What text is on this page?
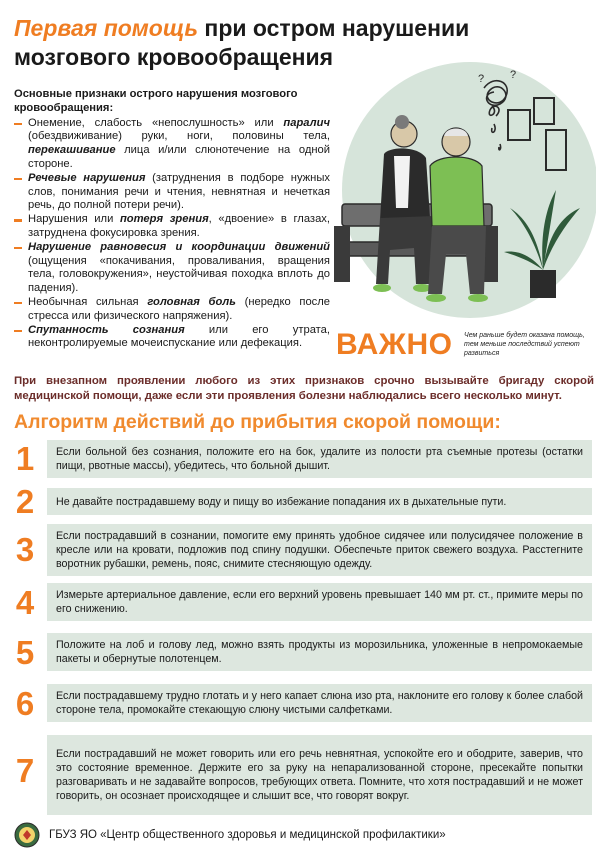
Первая помощь при остром нарушении
мозгового кровообращения
? ?
Основные признаки острого нарушения мозгового кровообращения:
Онемение, слабость «непослушность» или паралич (обездвиживание) руки, ноги, половины тела, перекашивание лица и/или слюнотечение на одной стороне.
Речевые нарушения (затруднения в подборе нужных слов, понимания речи и чтения, невнятная и нечеткая речь, до полной потери речи).
Нарушения или потеря зрения, «двоение» в глазах, затруднена фокусировка зрения.
Нарушение равновесия и координации движений (ощущения «покачивания, проваливания, вращения тела, головокружения», неустойчивая походка вплоть до падения).
Необычная сильная головная боль (нередко после стресса или физического напряжения).
Спутанность сознания или его утрата, неконтролируемые мочеиспускание или дефекация.	ВАЖНО Чем раньше будет оказана помощь, тем меньше последствий успеют развиться
При внезапном проявлении любого из этих признаков срочно вызывайте бригаду скорой медицинской помощи, даже если эти проявления болезни наблюдались всего несколько минут.
Алгоритм действий до прибытия скорой помощи:
1	Если больной без сознания, положите его на бок, удалите из полости рта съемные протезы (остатки пищи, рвотные массы), убедитесь, что больной дышит.
2	Не давайте пострадавшему воду и пищу во избежание попадания их в дыхательные пути.
3	Если пострадавший в сознании, помогите ему принять удобное сидячее или полусидячее положение в кресле или на кровати, подложив под спину подушки. Обеспечьте приток свежего воздуха. Расстегните воротник рубашки, ремень, пояс, снимите стесняющую одежду.
4	Измерьте артериальное давление, если его верхний уровень превышает 140 мм рт. ст., примите меры по его снижению.
5	Положите на лоб и голову лед, можно взять продукты из морозильника, уложенные в непромокаемые пакеты и обернутые полотенцем.
6	Если пострадавшему трудно глотать и у него капает слюна изо рта, наклоните его голову к более слабой стороне тела, промокайте стекающую слюну чистыми салфетками.
7	Если пострадавший не может говорить или его речь невнятная, успокойте его и ободрите, заверив, что это состояние временное. Держите его за руку на непарализованной стороне, пресекайте попытки разговаривать и не задавайте вопросов, требующих ответа. Помните, что хотя пострадавший и не может говорить, он осознает происходящее и слышит все, что говорят вокруг.
ГБУЗ ЯО «Центр общественного здоровья и медицинской профилактики»
